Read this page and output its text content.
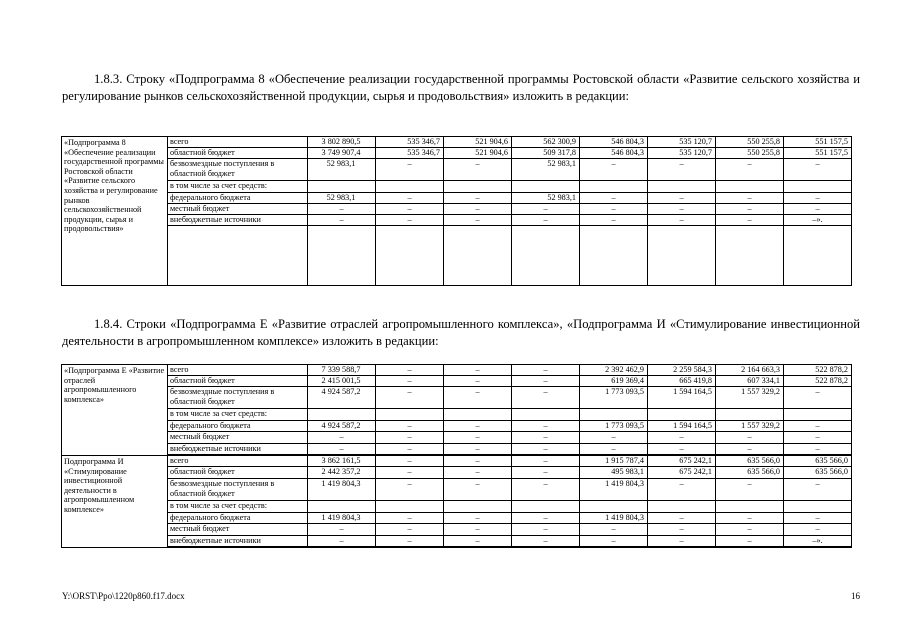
1.8.3. Строку «Подпрограмма 8 «Обеспечение реализации государственной программы Ростовской области «Развитие сельского хозяйства и регулирование рынков сельскохозяйственной продукции, сырья и продовольствия» изложить в редакции:

«Подпрограмма 8 «Обеспечение реализации государственной программы Ростовской области «Развитие сельского хозяйства и регулирование рынков сельскохозяйственной продукции, сырья и продовольствия»	всего	3 802 890,5	535 346,7	521 904,6	562 300,9	546 804,3	535 120,7	550 255,8	551 157,5
	областной бюджет	3 749 907,4	535 346,7	521 904,6	509 317,8	546 804,3	535 120,7	550 255,8	551 157,5
	безвозмездные поступления в областной бюджет	52 983,1	–	–	52 983,1	–	–	–	–
	в том числе за счет средств:								
	федерального бюджета	52 983,1	–	–	52 983,1	–	–	–	–
	местный бюджет	–	–	–	–	–	–	–	–
	внебюджетные источники	–	–	–	–	–	–	–	–».

1.8.4. Строки «Подпрограмма Е «Развитие отраслей агропромышленного комплекса», «Подпрограмма И «Стимулирование инвестиционной деятельности в агропромышленном комплексе» изложить в редакции:

«Подпрограмма Е «Развитие отраслей агропромышленного комплекса»	всего	7 339 588,7	–	–	–	2 392 462,9	2 259 584,3	2 164 663,3	522 878,2
	областной бюджет	2 415 001,5	–	–	–	619 369,4	665 419,8	607 334,1	522 878,2
	безвозмездные поступления в областной бюджет	4 924 587,2	–	–	–	1 773 093,5	1 594 164,5	1 557 329,2	–
	в том числе за счет средств:								
	федерального бюджета	4 924 587,2	–	–	–	1 773 093,5	1 594 164,5	1 557 329,2	–
	местный бюджет	–	–	–	–	–	–	–	–
	внебюджетные источники	–	–	–	–	–	–	–	–

Подпрограмма И «Стимулирование инвестиционной деятельности в агропромышленном комплексе»	всего	3 862 161,5	–	–	–	1 915 787,4	675 242,1	635 566,0	635 566,0
	областной бюджет	2 442 357,2	–	–	–	495 983,1	675 242,1	635 566,0	635 566,0
	безвозмездные поступления в областной бюджет	1 419 804,3	–	–	–	1 419 804,3	–	–	–
	в том числе за счет средств:								
	федерального бюджета	1 419 804,3	–	–	–	1 419 804,3	–	–	–
	местный бюджет	–	–	–	–	–	–	–	–
	внебюджетные источники	–	–	–	–	–	–	–	–».

Y:\ORST\Ppo\1220p860.f17.docx	16
